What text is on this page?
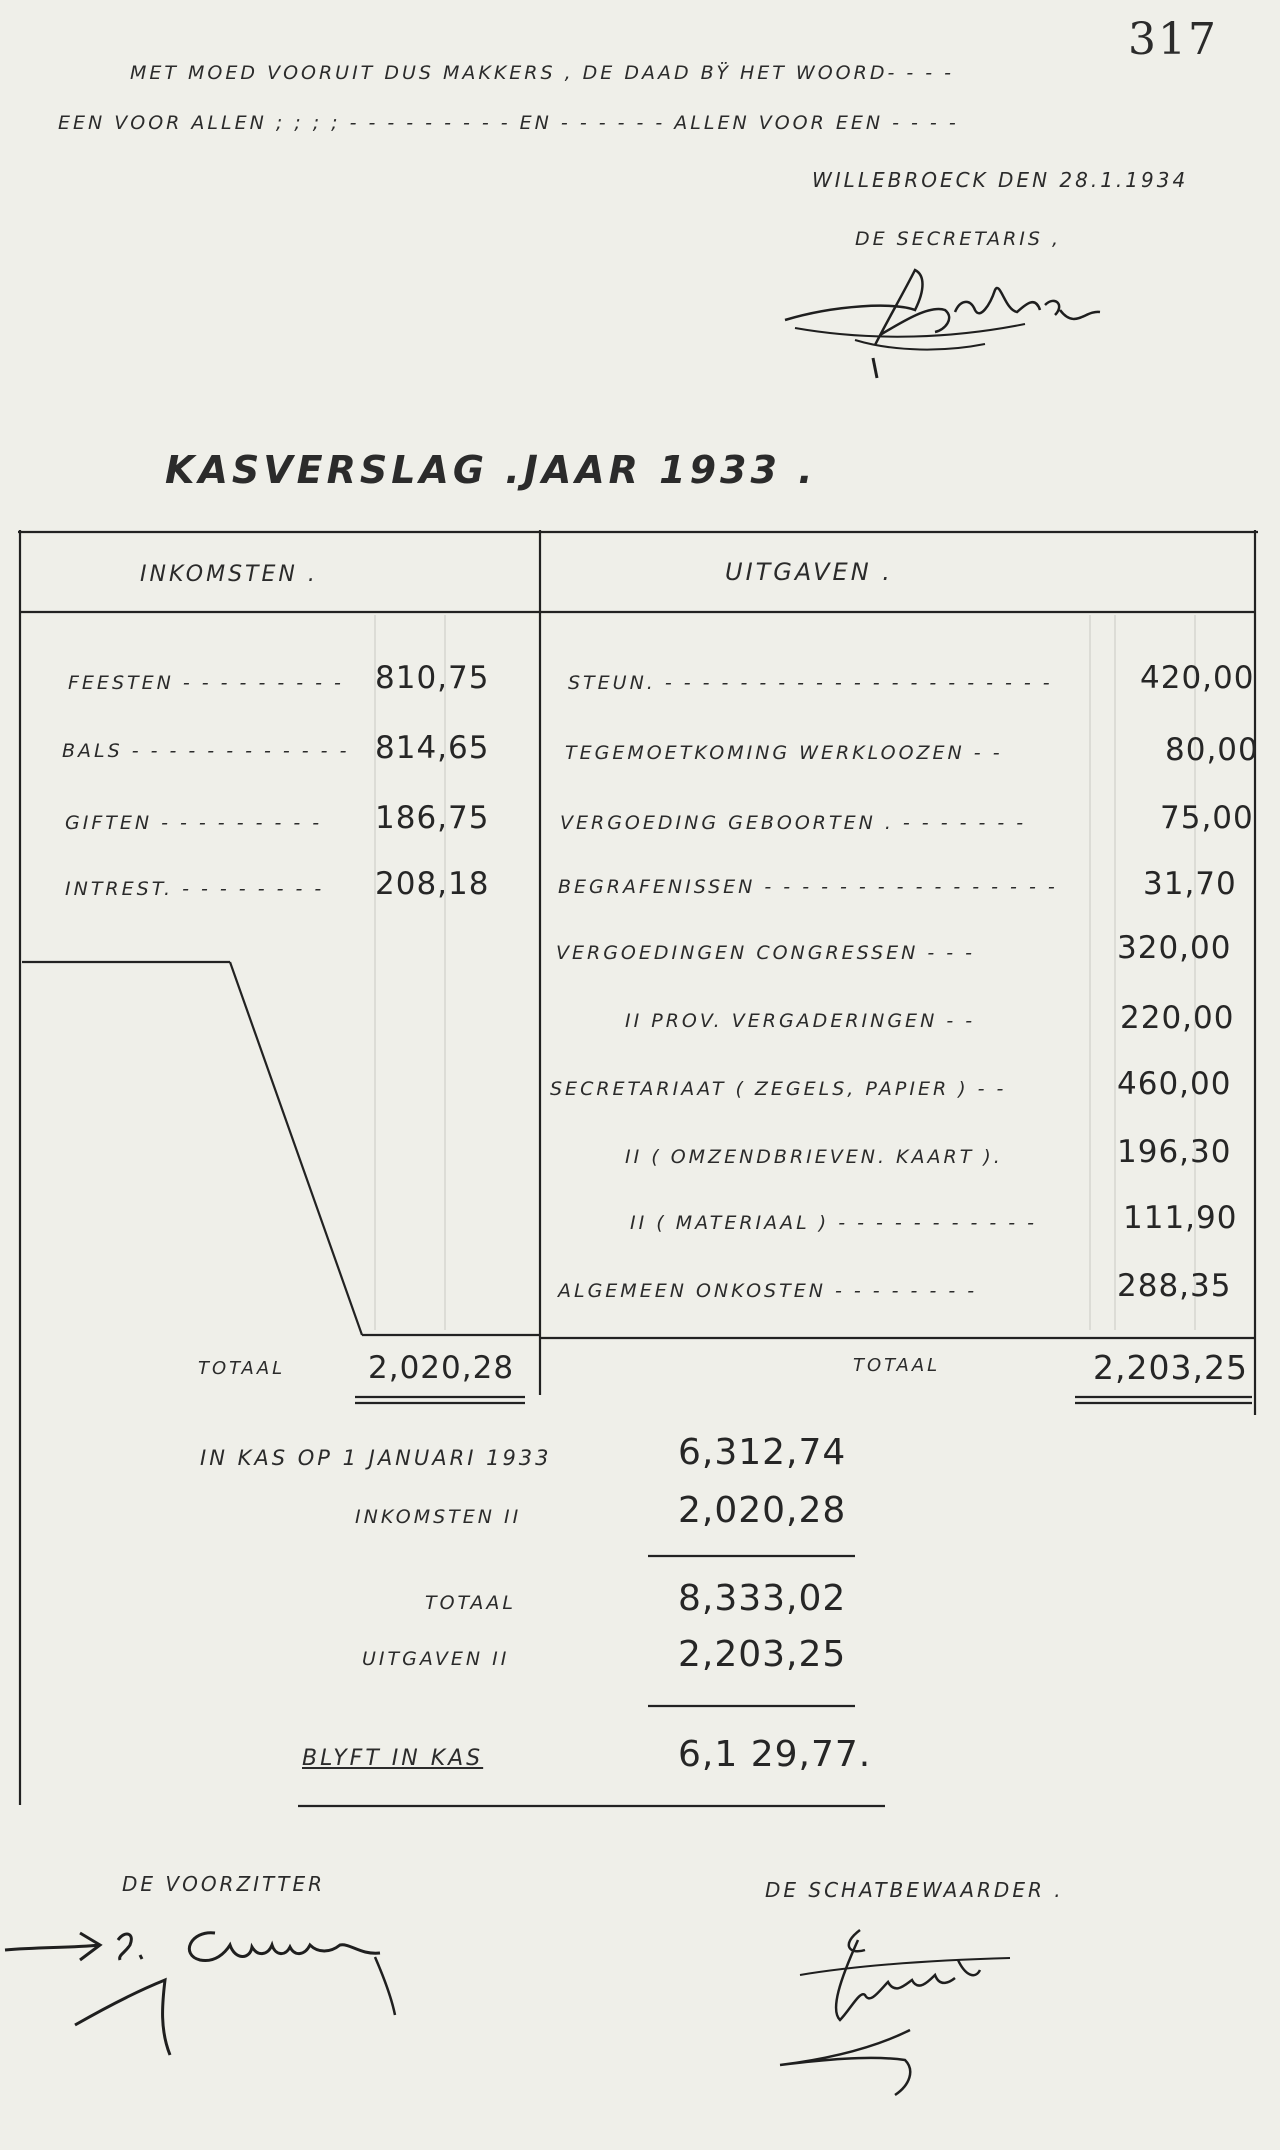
317
MET MOED VOORUIT DUS MAKKERS , DE DAAD BŸ HET WOORD- - - -
EEN VOOR ALLEN ; ; ; ; - - - - - - - - - EN - - - - - - ALLEN VOOR EEN - - - -
WILLEBROECK DEN 28.1.1934
DE SECRETARIS ,
KASVERSLAG .JAAR 1933 .
INKOMSTEN .	UITGAVEN .
FEESTEN - - - - - - - - - 810,75
BALS - - - - - - - - - - - - 814,65
GIFTEN - - - - - - - - - 186,75
INTREST. - - - - - - - - 208,18
STEUN. - - - - - - - - - - - - - - - - - - - - -	420,00
TEGEMOETKOMING WERKLOOZEN - -	80,00
VERGOEDING GEBOORTEN . - - - - - - -	75,00
BEGRAFENISSEN - - - - - - - - - - - - - - - -	31,70
VERGOEDINGEN CONGRESSEN - - -	320,00
II PROV. VERGADERINGEN - -	220,00
SECRETARIAAT ( ZEGELS, PAPIER ) - -	460,00
II ( OMZENDBRIEVEN. KAART ).	196,30
II ( MATERIAAL ) - - - - - - - - - - -	111,90
ALGEMEEN ONKOSTEN - - - - - - - -	288,35
TOTAAL	2,020,28	TOTAAL	2,203,25
IN KAS OP 1 JANUARI 1933	6,312,74
INKOMSTEN II	2,020,28
TOTAAL	8,333,02
UITGAVEN II	2,203,25
BLYFT IN KAS	6,1 29,77.
DE VOORZITTER	DE SCHATBEWAARDER .
